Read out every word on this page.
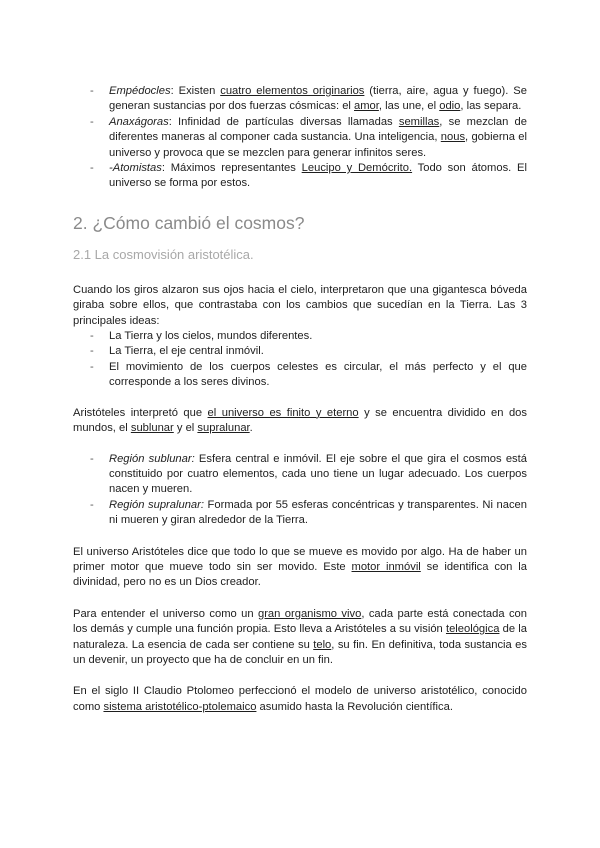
- Empédocles: Existen cuatro elementos originarios (tierra, aire, agua y fuego). Se generan sustancias por dos fuerzas cósmicas: el amor, las une, el odio, las separa.
- Anaxágoras: Infinidad de partículas diversas llamadas semillas, se mezclan de diferentes maneras al componer cada sustancia. Una inteligencia, nous, gobierna el universo y provoca que se mezclen para generar infinitos seres.
- -Atomistas: Máximos representantes Leucipo y Demócrito. Todo son átomos. El universo se forma por estos.
2. ¿Cómo cambió el cosmos?
2.1 La cosmovisión aristotélica.

Cuando los giros alzaron sus ojos hacia el cielo, interpretaron que una gigantesca bóveda giraba sobre ellos, que contrastaba con los cambios que sucedían en la Tierra. Las 3 principales ideas:

- La Tierra y los cielos, mundos diferentes.
- La Tierra, el eje central inmóvil.
- El movimiento de los cuerpos celestes es circular, el más perfecto y el que corresponde a los seres divinos.

Aristóteles interpretó que el universo es finito y eterno y se encuentra dividido en dos mundos, el sublunar y el supralunar.

- Región sublunar: Esfera central e inmóvil. El eje sobre el que gira el cosmos está constituido por cuatro elementos, cada uno tiene un lugar adecuado. Los cuerpos nacen y mueren.
- Región supralunar: Formada por 55 esferas concéntricas y transparentes. Ni nacen ni mueren y giran alrededor de la Tierra.

El universo Aristóteles dice que todo lo que se mueve es movido por algo. Ha de haber un primer motor que mueve todo sin ser movido. Este motor inmóvil se identifica con la divinidad, pero no es un Dios creador.

Para entender el universo como un gran organismo vivo, cada parte está conectada con los demás y cumple una función propia. Esto lleva a Aristóteles a su visión teleológica de la naturaleza. La esencia de cada ser contiene su telo, su fin. En definitiva, toda sustancia es un devenir, un proyecto que ha de concluir en un fin.

En el siglo II Claudio Ptolomeo perfeccionó el modelo de universo aristotélico, conocido como sistema aristotélico-ptolemaico asumido hasta la Revolución científica.
